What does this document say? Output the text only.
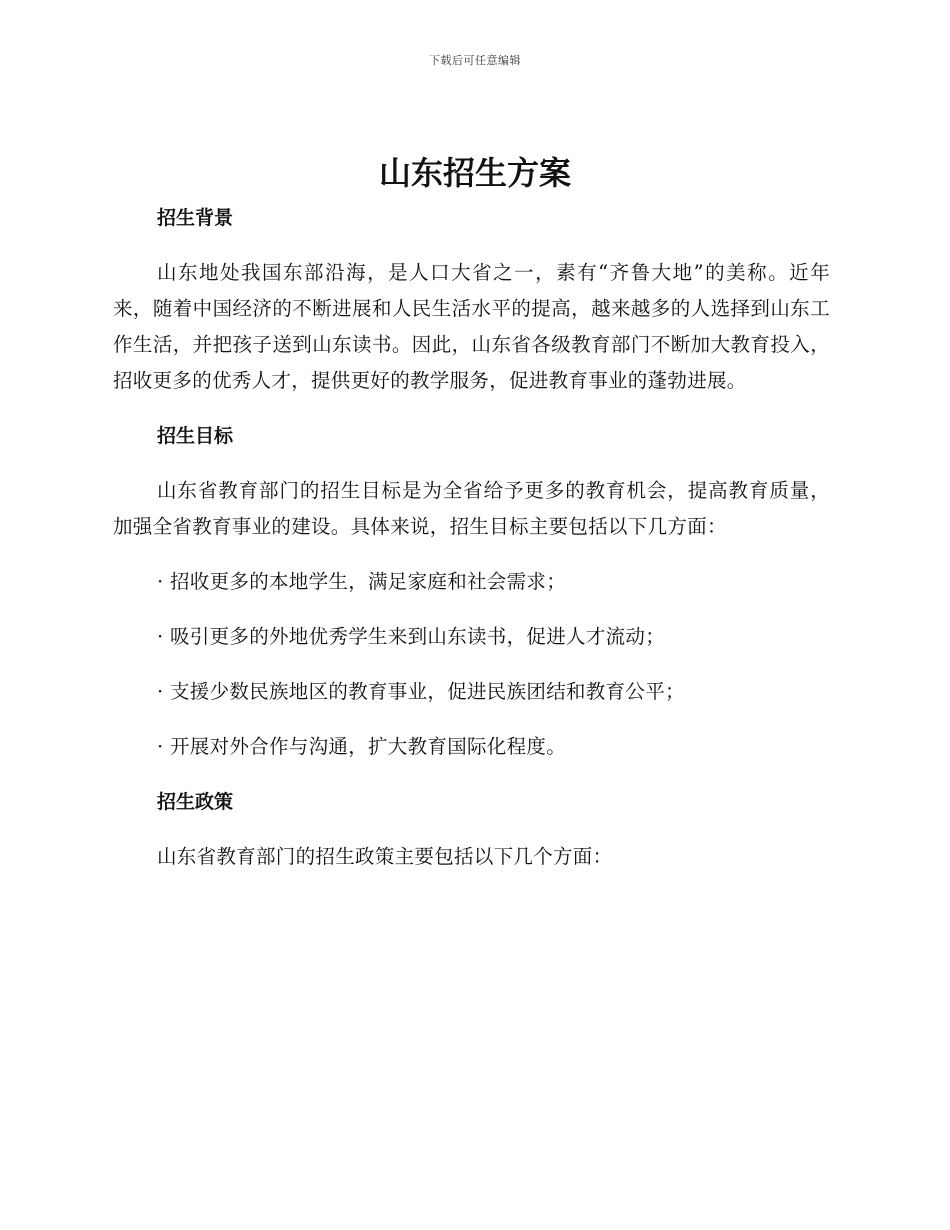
下载后可任意编辑
山东招生方案
招生背景

山东地处我国东部沿海，是人口大省之一，素有“齐鲁大地”的美称。近年来，随着中国经济的不断进展和人民生活水平的提高，越来越多的人选择到山东工作生活，并把孩子送到山东读书。因此，山东省各级教育部门不断加大教育投入，招收更多的优秀人才，提供更好的教学服务，促进教育事业的蓬勃进展。

招生目标

山东省教育部门的招生目标是为全省给予更多的教育机会，提高教育质量，加强全省教育事业的建设。具体来说，招生目标主要包括以下几方面：

· 招收更多的本地学生，满足家庭和社会需求；
· 吸引更多的外地优秀学生来到山东读书，促进人才流动；
· 支援少数民族地区的教育事业，促进民族团结和教育公平；
· 开展对外合作与沟通，扩大教育国际化程度。
招生政策

山东省教育部门的招生政策主要包括以下几个方面：
